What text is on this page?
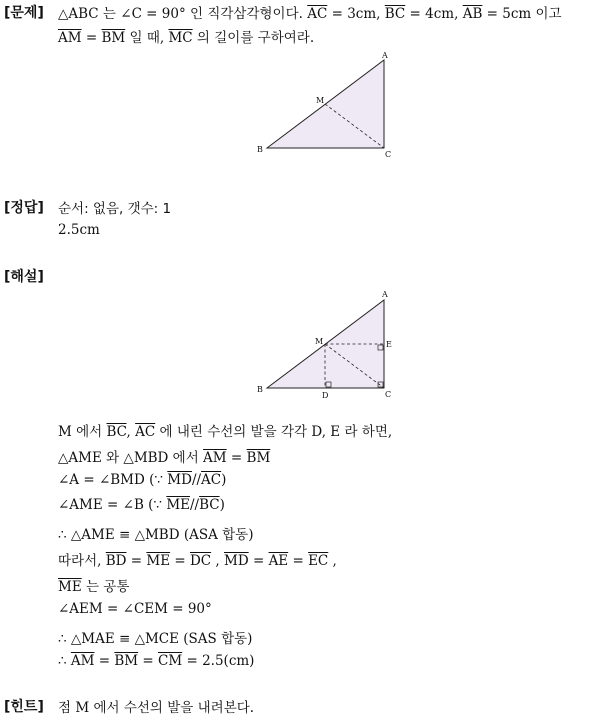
[문제] △ABC 는 ∠C = 90° 인 직각삼각형이다. $\overline{AC} = 3cm$, $\overline{BC} = 4cm$, $\overline{AB} = 5cm$ 이고
$\overline{AM} = \overline{BM}$ 일 때, $\overline{MC}$ 의 길이를 구하여라.
A
B
C
M
[정답] 순서: 없음, 갯수: 1
2.5cm
[해설]
A
B
C
D
E
M
M 에서 $\overline{BC}$, $\overline{AC}$ 에 내린 수선의 발을 각각 D, E 라 하면,
△AME 와 △MBD 에서 $\overline{AM} = \overline{BM}$
∠A = ∠BMD (∵ $\overline{MD}//\overline{AC}$)
∠AME = ∠B (∵ $\overline{ME}//\overline{BC}$)
∴ △AME ≡ △MBD (ASA 합동)
따라서, $\overline{BD} = \overline{ME} = \overline{DC}$ , $\overline{MD} = \overline{AE} = \overline{EC}$ ,
$\overline{ME}$ 는 공통
∠AEM = ∠CEM = 90°
∴ △MAE ≡ △MCE (SAS 합동)
∴ $\overline{AM} = \overline{BM} = \overline{CM} = 2.5(cm)$
[힌트] 점 M 에서 수선의 발을 내려본다.
